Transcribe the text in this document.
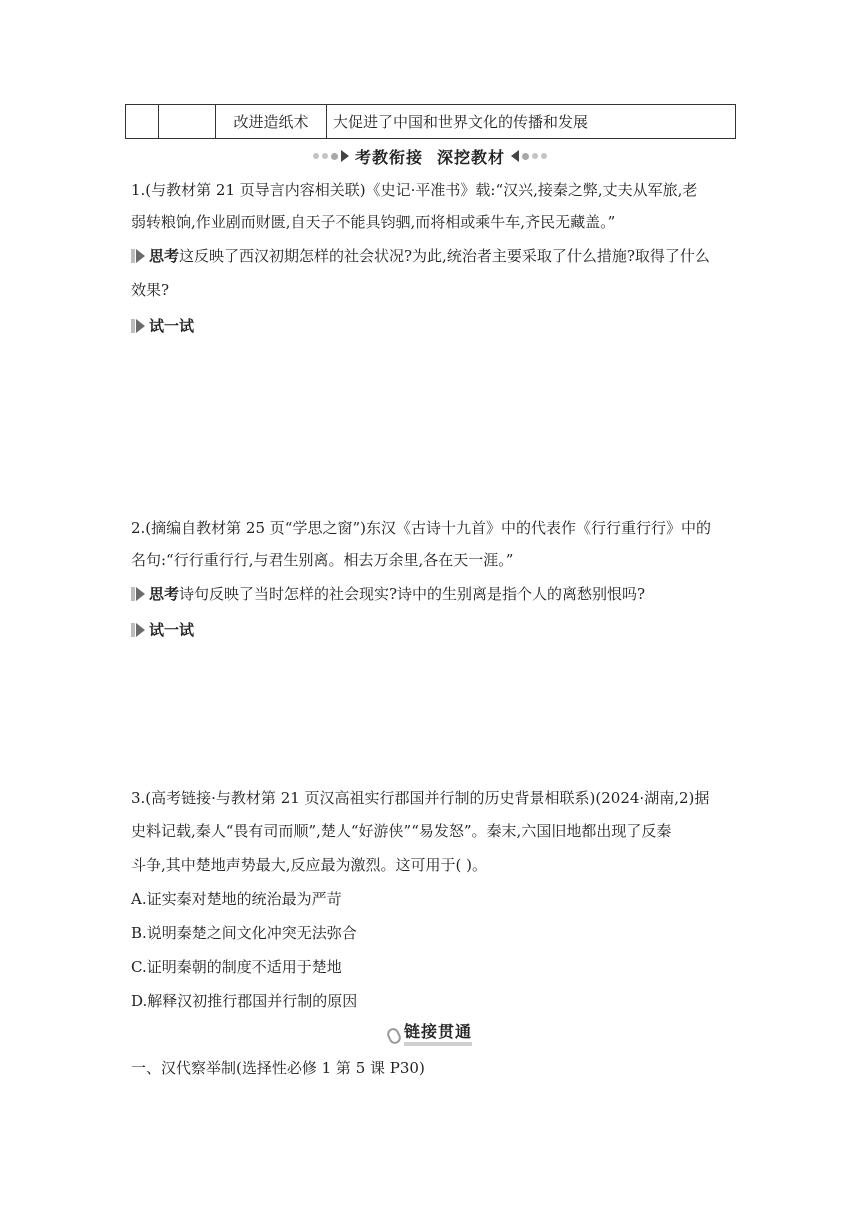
		改进造纸术	大促进了中国和世界文化的传播和发展
考教衔接 深挖教材
1.(与教材第 21 页导言内容相关联)《史记·平准书》载:“汉兴,接秦之弊,丈夫从军旅,老
弱转粮饷,作业剧而财匮,自天子不能具钧驷,而将相或乘牛车,齐民无藏盖。”
思考 这反映了西汉初期怎样的社会状况?为此,统治者主要采取了什么措施?取得了什么
效果?
试一试
2.(摘编自教材第 25 页“学思之窗”)东汉《古诗十九首》中的代表作《行行重行行》中的
名句:“行行重行行,与君生别离。相去万余里,各在天一涯。”
思考 诗句反映了当时怎样的社会现实?诗中的生别离是指个人的离愁别恨吗?
试一试
3.(高考链接·与教材第 21 页汉高祖实行郡国并行制的历史背景相联系)(2024·湖南,2)据
史料记载,秦人“畏有司而顺”,楚人“好游侠”“易发怒”。秦末,六国旧地都出现了反秦
斗争,其中楚地声势最大,反应最为激烈。这可用于( )。
A.证实秦对楚地的统治最为严苛
B.说明秦楚之间文化冲突无法弥合
C.证明秦朝的制度不适用于楚地
D.解释汉初推行郡国并行制的原因
链接贯通
一、汉代察举制(选择性必修 1 第 5 课 P30)
